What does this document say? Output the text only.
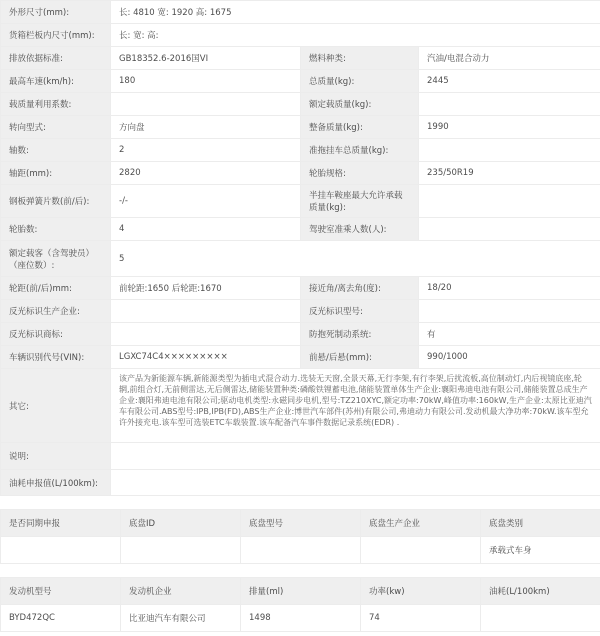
外形尺寸(mm):	长: 4810 宽: 1920 高: 1675		
货箱栏板内尺寸(mm):	长: 宽: 高:		
排放依据标准:	GB18352.6-2016国VI	燃料种类:	汽油/电混合动力
最高车速(km/h):	180	总质量(kg):	2445
载质量利用系数:		额定载质量(kg):	
转向型式:	方向盘	整备质量(kg):	1990
轴数:	2	准拖挂车总质量(kg):	
轴距(mm):	2820	轮胎规格:	235/50R19
钢板弹簧片数(前/后):	-/-	半挂车鞍座最大允许承载质量(kg):	
轮胎数:	4	驾驶室准乘人数(人):	
额定载客（含驾驶员）（座位数）:	5		
轮距(前/后)mm:	前轮距:1650 后轮距:1670	接近角/离去角(度):	18/20
反光标识生产企业:		反光标识型号:	
反光标识商标:		防抱死制动系统:	有
车辆识别代号(VIN):	LGXC74C4×××××××××	前悬/后悬(mm):	990/1000
其它:	该产品为新能源车辆,新能源类型为插电式混合动力.选装无天窗,全景天幕,无行李架,有行李架,后扰流板,高位制动灯,内后视镜底座,轮辋,前组合灯,无前侧雷达,无后侧雷达,储能装置种类:磷酸铁锂蓄电池,储能装置单体生产企业:襄阳弗迪电池有限公司,储能装置总成生产企业:襄阳弗迪电池有限公司;驱动电机类型:永磁同步电机,型号:TZ210XYC,额定功率:70kW,峰值功率:160kW,生产企业:太原比亚迪汽车有限公司.ABS型号:IPB,IPB(FD),ABS生产企业:博世汽车部件(苏州)有限公司,弗迪动力有限公司.发动机最大净功率:70kW.该车型允许外接充电.该车型可选装ETC车载装置.该车配备汽车事件数据记录系统(EDR) .		
说明:			
油耗申报值(L/100km):			
是否同期申报	底盘ID	底盘型号	底盘生产企业	底盘类别
				承载式车身
发动机型号	发动机企业	排量(ml)	功率(kw)	油耗(L/100km)
BYD472QC	比亚迪汽车有限公司	1498	74	
